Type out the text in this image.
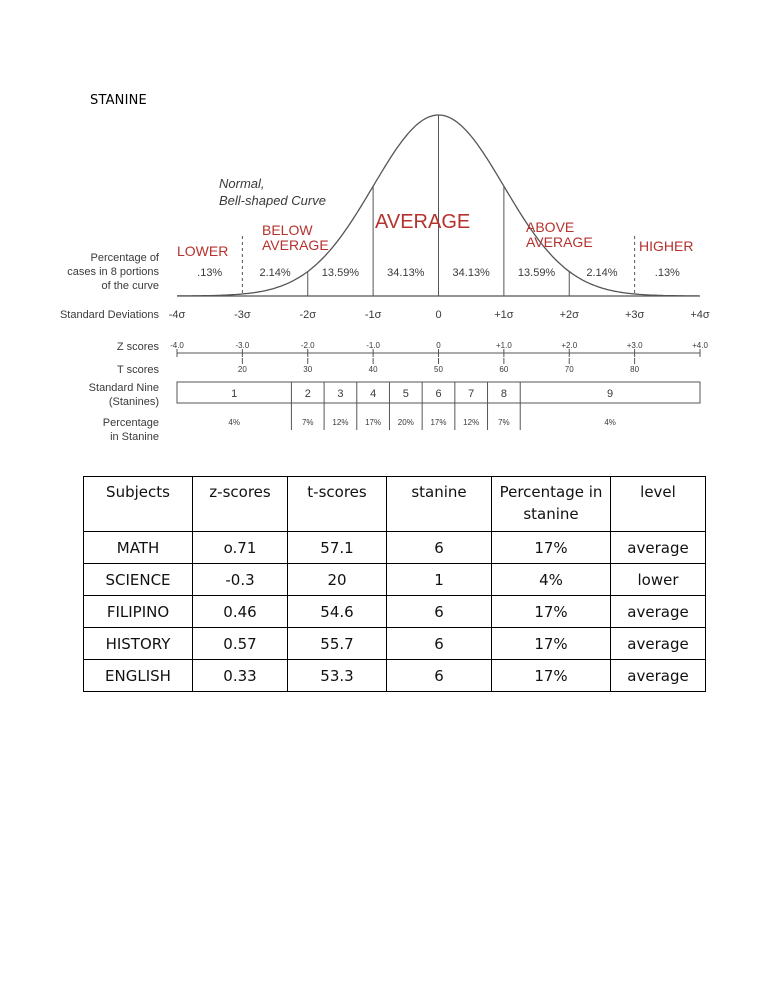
STANINE
Normal,
Bell-shaped Curve
LOWER
BELOW
AVERAGE
AVERAGE	ABOVE
AVERAGE	HIGHER
Percentage of
cases in 8 portions
of the curve
Standard Deviations
Z scores
T scores
Standard Nine
(Stanines)
Percentage
in Stanine
.13%	2.14%	13.59%	34.13%	34.13%	13.59%	2.14%	.13%
-4σ	-3σ	-2σ	-1σ	0	+1σ	+2σ	+3σ	+4σ
-4.0	-3.0	-2.0	-1.0	0	+1.0	+2.0	+3.0	+4.0
20	30	40	50	60	70	80
1	2 3 4 5 6 7 8	9
4%	7% 12% 17% 20% 17% 12% 7%	4%
Subjects	z-scores	t-scores	stanine	Percentage in stanine	level
MATH	o.71	57.1	6	17%	average
SCIENCE	-0.3	20	1	4%	lower
FILIPINO	0.46	54.6	6	17%	average
HISTORY	0.57	55.7	6	17%	average
ENGLISH	0.33	53.3	6	17%	average
